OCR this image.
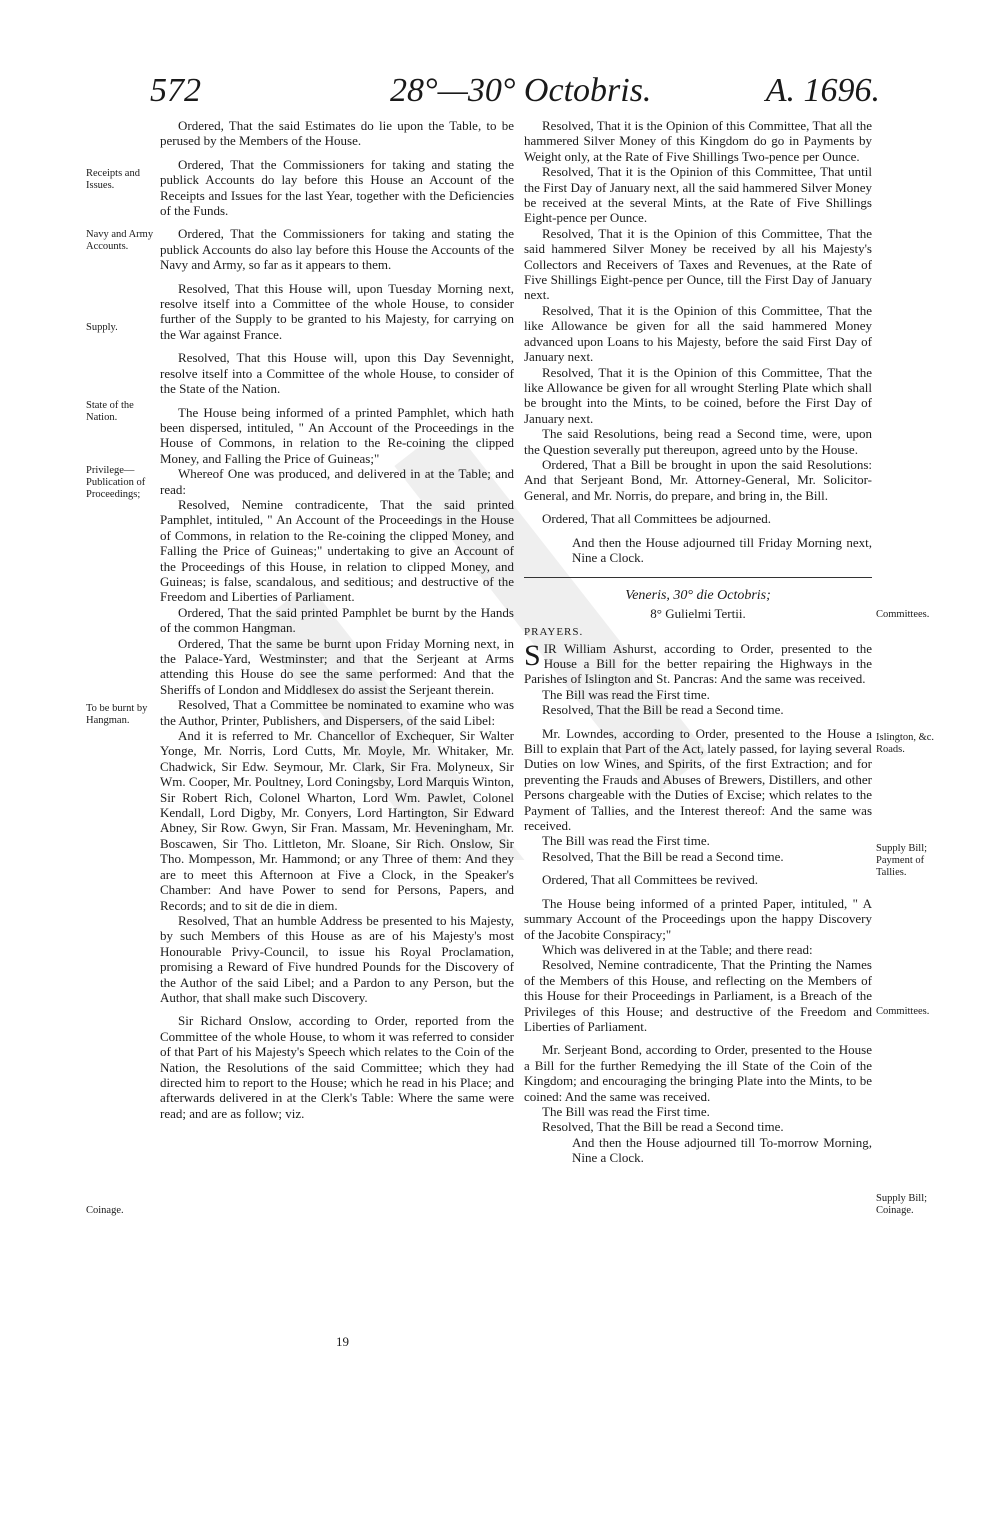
572	28°—30° Octobris.	A. 1696.
Receipts and Issues.
Navy and Army Accounts.
Supply.
State of the Nation.
Privilege— Publication of Proceedings;
To be burnt by Hangman.
Coinage.
Committees.
Islington, &c. Roads.
Supply Bill; Payment of Tallies.
Committees.
Supply Bill; Coinage.

Ordered, That the said Estimates do lie upon the Table, to be perused by the Members of the House.

Ordered, That the Commissioners for taking and stating the publick Accounts do lay before this House an Account of the Receipts and Issues for the last Year, together with the Deficiencies of the Funds.

Ordered, That the Commissioners for taking and stating the publick Accounts do also lay before this House the Accounts of the Navy and Army, so far as it appears to them.

Resolved, That this House will, upon Tuesday Morning next, resolve itself into a Committee of the whole House, to consider further of the Supply to be granted to his Majesty, for carrying on the War against France.

Resolved, That this House will, upon this Day Sevennight, resolve itself into a Committee of the whole House, to consider of the State of the Nation.

The House being informed of a printed Pamphlet, which hath been dispersed, intituled, " An Account of the Proceedings in the House of Commons, in relation to the Re-coining the clipped Money, and Falling the Price of Guineas;"

Whereof One was produced, and delivered in at the Table; and read:

Resolved, Nemine contradicente, That the said printed Pamphlet, intituled, " An Account of the Proceedings in the House of Commons, in relation to the Re-coining the clipped Money, and Falling the Price of Guineas;" undertaking to give an Account of the Proceedings of this House, in relation to clipped Money, and Guineas; is false, scandalous, and seditious; and destructive of the Freedom and Liberties of Parliament.

Ordered, That the said printed Pamphlet be burnt by the Hands of the common Hangman.

Ordered, That the same be burnt upon Friday Morning next, in the Palace-Yard, Westminster; and that the Serjeant at Arms attending this House do see the same performed: And that the Sheriffs of London and Middlesex do assist the Serjeant therein.

Resolved, That a Committee be nominated to examine who was the Author, Printer, Publishers, and Dispersers, of the said Libel:

And it is referred to Mr. Chancellor of Exchequer, Sir Walter Yonge, Mr. Norris, Lord Cutts, Mr. Moyle, Mr. Whitaker, Mr. Chadwick, Sir Edw. Seymour, Mr. Clark, Sir Fra. Molyneux, Sir Wm. Cooper, Mr. Poultney, Lord Coningsby, Lord Marquis Winton, Sir Robert Rich, Colonel Wharton, Lord Wm. Pawlet, Colonel Kendall, Lord Digby, Mr. Conyers, Lord Hartington, Sir Edward Abney, Sir Row. Gwyn, Sir Fran. Massam, Mr. Heveningham, Mr. Boscawen, Sir Tho. Littleton, Mr. Sloane, Sir Rich. Onslow, Sir Tho. Mompesson, Mr. Hammond; or any Three of them: And they are to meet this Afternoon at Five a Clock, in the Speaker's Chamber: And have Power to send for Persons, Papers, and Records; and to sit de die in diem.

Resolved, That an humble Address be presented to his Majesty, by such Members of this House as are of his Majesty's most Honourable Privy-Council, to issue his Royal Proclamation, promising a Reward of Five hundred Pounds for the Discovery of the Author of the said Libel; and a Pardon to any Person, but the Author, that shall make such Discovery.

Sir Richard Onslow, according to Order, reported from the Committee of the whole House, to whom it was referred to consider of that Part of his Majesty's Speech which relates to the Coin of the Nation, the Resolutions of the said Committee; which they had directed him to report to the House; which he read in his Place; and afterwards delivered in at the Clerk's Table: Where the same were read; and are as follow; viz.

19

Resolved, That it is the Opinion of this Committee, That all the hammered Silver Money of this Kingdom do go in Payments by Weight only, at the Rate of Five Shillings Two-pence per Ounce.

Resolved, That it is the Opinion of this Committee, That until the First Day of January next, all the said hammered Silver Money be received at the several Mints, at the Rate of Five Shillings Eight-pence per Ounce.

Resolved, That it is the Opinion of this Committee, That the said hammered Silver Money be received by all his Majesty's Collectors and Receivers of Taxes and Revenues, at the Rate of Five Shillings Eight-pence per Ounce, till the First Day of January next.

Resolved, That it is the Opinion of this Committee, That the like Allowance be given for all the said hammered Money advanced upon Loans to his Majesty, before the said First Day of January next.

Resolved, That it is the Opinion of this Committee, That the like Allowance be given for all wrought Sterling Plate which shall be brought into the Mints, to be coined, before the First Day of January next.

The said Resolutions, being read a Second time, were, upon the Question severally put thereupon, agreed unto by the House.

Ordered, That a Bill be brought in upon the said Resolutions: And that Serjeant Bond, Mr. Attorney-General, Mr. Solicitor-General, and Mr. Norris, do prepare, and bring in, the Bill.

Ordered, That all Committees be adjourned.

And then the House adjourned till Friday Morning next, Nine a Clock.

Veneris, 30° die Octobris;
8° Gulielmi Tertii.

PRAYERS.

SIR William Ashurst, according to Order, presented to the House a Bill for the better repairing the Highways in the Parishes of Islington and St. Pancras: And the same was received.

The Bill was read the First time.

Resolved, That the Bill be read a Second time.

Mr. Lowndes, according to Order, presented to the House a Bill to explain that Part of the Act, lately passed, for laying several Duties on low Wines, and Spirits, of the first Extraction; and for preventing the Frauds and Abuses of Brewers, Distillers, and other Persons chargeable with the Duties of Excise; which relates to the Payment of Tallies, and the Interest thereof: And the same was received.

The Bill was read the First time.

Resolved, That the Bill be read a Second time.

Ordered, That all Committees be revived.

The House being informed of a printed Paper, intituled, " A summary Account of the Proceedings upon the happy Discovery of the Jacobite Conspiracy;"

Which was delivered in at the Table; and there read:

Resolved, Nemine contradicente, That the Printing the Names of the Members of this House, and reflecting on the Members of this House for their Proceedings in Parliament, is a Breach of the Privileges of this House; and destructive of the Freedom and Liberties of Parliament.

Mr. Serjeant Bond, according to Order, presented to the House a Bill for the further Remedying the ill State of the Coin of the Kingdom; and encouraging the bringing Plate into the Mints, to be coined: And the same was received.

The Bill was read the First time.

Resolved, That the Bill be read a Second time.

And then the House adjourned till To-morrow Morning, Nine a Clock.
